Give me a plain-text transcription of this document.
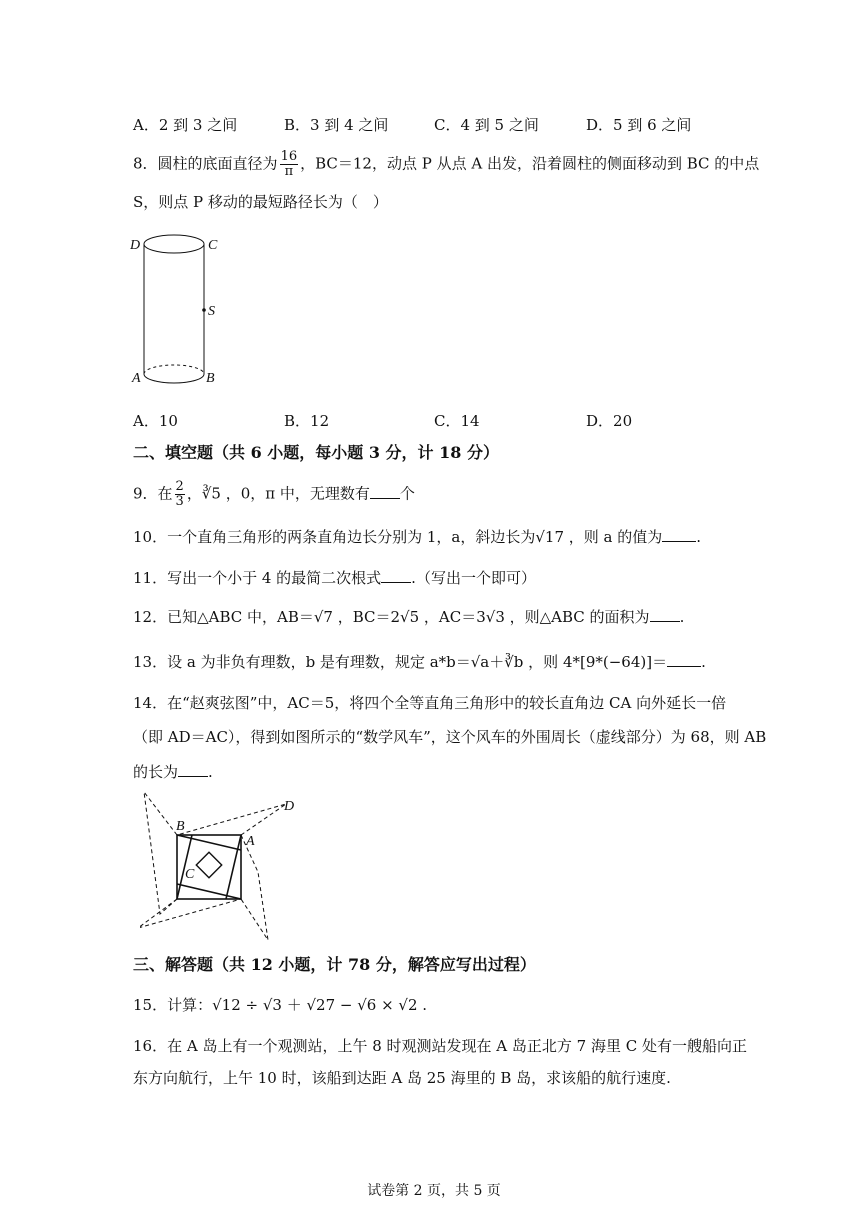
A．2 到 3 之间	B．3 到 4 之间	C．4 到 5 之间	D．5 到 6 之间
8．圆柱的底面直径为 $\frac{16}{\pi}$ ，BC＝12，动点 P 从点 A 出发，沿着圆柱的侧面移动到 BC 的中点
S，则点 P 移动的最短路径长为（　）
D	C
S
A	B
A．10	B．12	C．14	D．20
二、填空题（共 6 小题，每小题 3 分，计 18 分）
9．在 $\frac{2}{3}$ ，∛5 ，0，π 中，无理数有 个
10．一个直角三角形的两条直角边长分别为 1，a，斜边长为√17 ，则 a 的值为 .
11．写出一个小于 4 的最简二次根式 .（写出一个即可）
12．已知△ABC 中，AB＝√7 ，BC＝2√5 ，AC＝3√3 ，则△ABC 的面积为 .
13．设 a 为非负有理数，b 是有理数，规定 a*b＝√a＋∛b ，则 4*[9*(−64)]＝ .
14．在“赵爽弦图”中，AC＝5，将四个全等直角三角形中的较长直角边 CA 向外延长一倍
（即 AD＝AC），得到如图所示的“数学风车”，这个风车的外围周长（虚线部分）为 68，则 AB
的长为 .
B
A
C
D
三、解答题（共 12 小题，计 78 分，解答应写出过程）
15．计算：√12 ÷ √3 ＋ √27 − √6 × √2 .
16．在 A 岛上有一个观测站，上午 8 时观测站发现在 A 岛正北方 7 海里 C 处有一艘船向正
东方向航行，上午 10 时，该船到达距 A 岛 25 海里的 B 岛，求该船的航行速度.
试卷第 2 页，共 5 页
